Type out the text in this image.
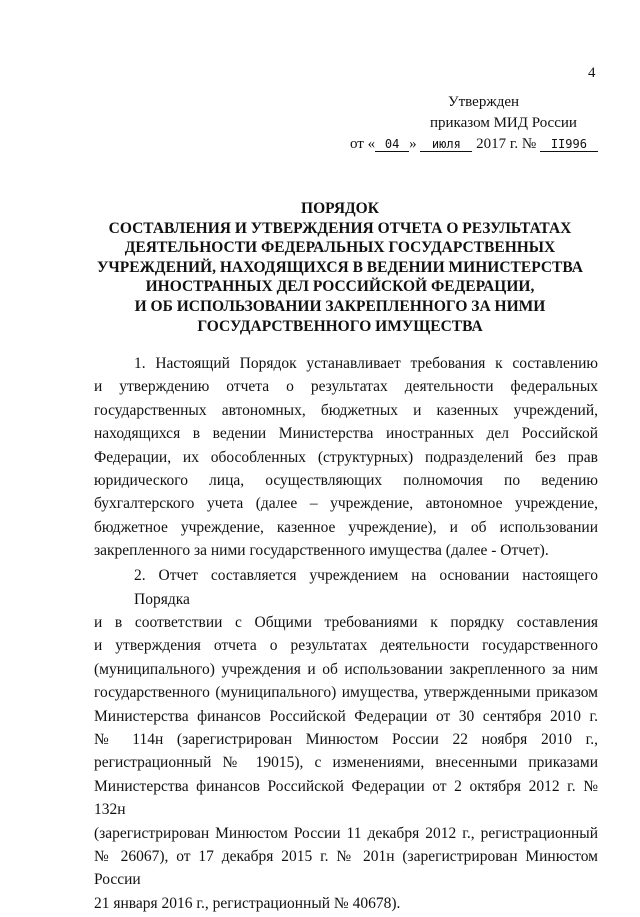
4
Утвержден
приказом МИД России
от « 04 » июля 2017 г. № II996
ПОРЯДОК
СОСТАВЛЕНИЯ И УТВЕРЖДЕНИЯ ОТЧЕТА О РЕЗУЛЬТАТАХ
ДЕЯТЕЛЬНОСТИ ФЕДЕРАЛЬНЫХ ГОСУДАРСТВЕННЫХ
УЧРЕЖДЕНИЙ, НАХОДЯЩИХСЯ В ВЕДЕНИИ МИНИСТЕРСТВА
ИНОСТРАННЫХ ДЕЛ РОССИЙСКОЙ ФЕДЕРАЦИИ,
И ОБ ИСПОЛЬЗОВАНИИ ЗАКРЕПЛЕННОГО ЗА НИМИ
ГОСУДАРСТВЕННОГО ИМУЩЕСТВА
1. Настоящий Порядок устанавливает требования к составлению
и утверждению отчета о результатах деятельности федеральных
государственных автономных, бюджетных и казенных учреждений,
находящихся в ведении Министерства иностранных дел Российской
Федерации, их обособленных (структурных) подразделений без прав
юридического лица, осуществляющих полномочия по ведению
бухгалтерского учета (далее – учреждение, автономное учреждение,
бюджетное учреждение, казенное учреждение), и об использовании
закрепленного за ними государственного имущества (далее - Отчет).
2. Отчет составляется учреждением на основании настоящего Порядка
и в соответствии с Общими требованиями к порядку составления
и утверждения отчета о результатах деятельности государственного
(муниципального) учреждения и об использовании закрепленного за ним
государственного (муниципального) имущества, утвержденными приказом
Министерства финансов Российской Федерации от 30 сентября 2010 г.
№ 114н (зарегистрирован Минюстом России 22 ноября 2010 г.,
регистрационный № 19015), с изменениями, внесенными приказами
Министерства финансов Российской Федерации от 2 октября 2012 г. № 132н
(зарегистрирован Минюстом России 11 декабря 2012 г., регистрационный
№ 26067), от 17 декабря 2015 г. № 201н (зарегистрирован Минюстом России
21 января 2016 г., регистрационный № 40678).
